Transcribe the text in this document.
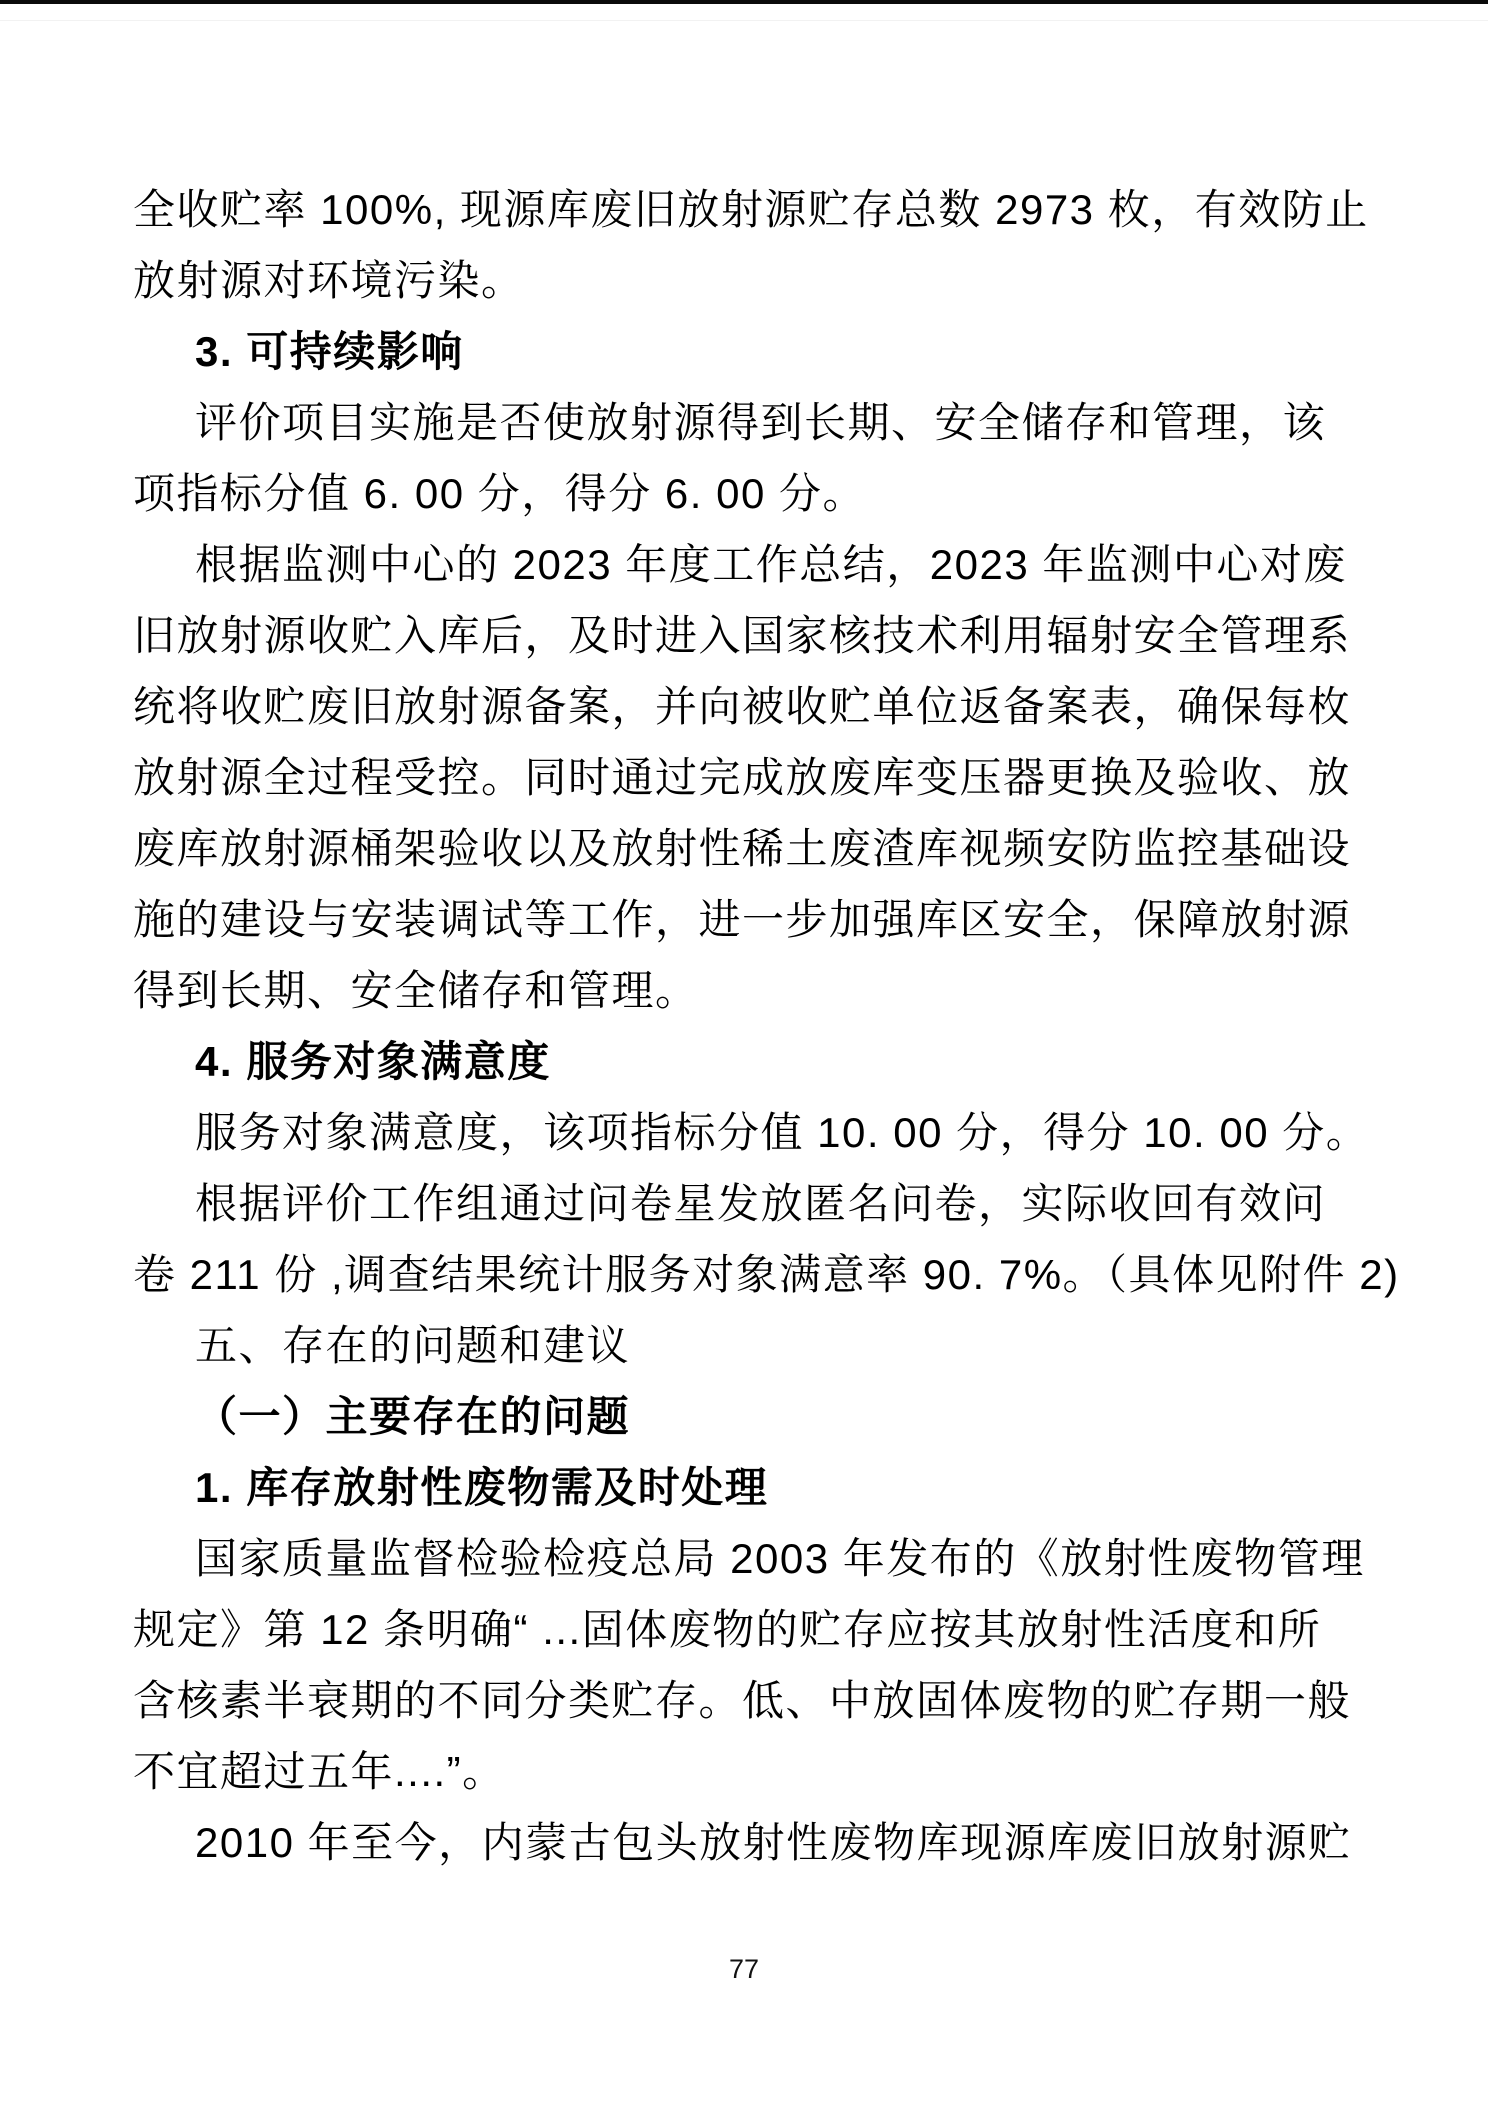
全收贮率 100%, 现源库废旧放射源贮存总数 2973 枚，有效防止
放射源对环境污染。
3. 可持续影响
评价项目实施是否使放射源得到长期、安全储存和管理，该
项指标分值 6. 00 分，得分 6. 00 分。
根据监测中心的 2023 年度工作总结，2023 年监测中心对废
旧放射源收贮入库后，及时进入国家核技术利用辐射安全管理系
统将收贮废旧放射源备案，并向被收贮单位返备案表，确保每枚
放射源全过程受控。同时通过完成放废库变压器更换及验收、放
废库放射源桶架验收以及放射性稀土废渣库视频安防监控基础设
施的建设与安装调试等工作，进一步加强库区安全，保障放射源
得到长期、安全储存和管理。
4. 服务对象满意度
服务对象满意度，该项指标分值 10. 00 分，得分 10. 00 分。
根据评价工作组通过问卷星发放匿名问卷，实际收回有效问
卷 211 份 ,调查结果统计服务对象满意率 90. 7%。（具体见附件 2)
五、存在的问题和建议
（一）主要存在的问题
1. 库存放射性废物需及时处理
国家质量监督检验检疫总局 2003 年发布的《放射性废物管理
规定》第 12 条明确“ ...固体废物的贮存应按其放射性活度和所
含核素半衰期的不同分类贮存。低、中放固体废物的贮存期一般
不宜超过五年....”。
2010 年至今，内蒙古包头放射性废物库现源库废旧放射源贮
77
